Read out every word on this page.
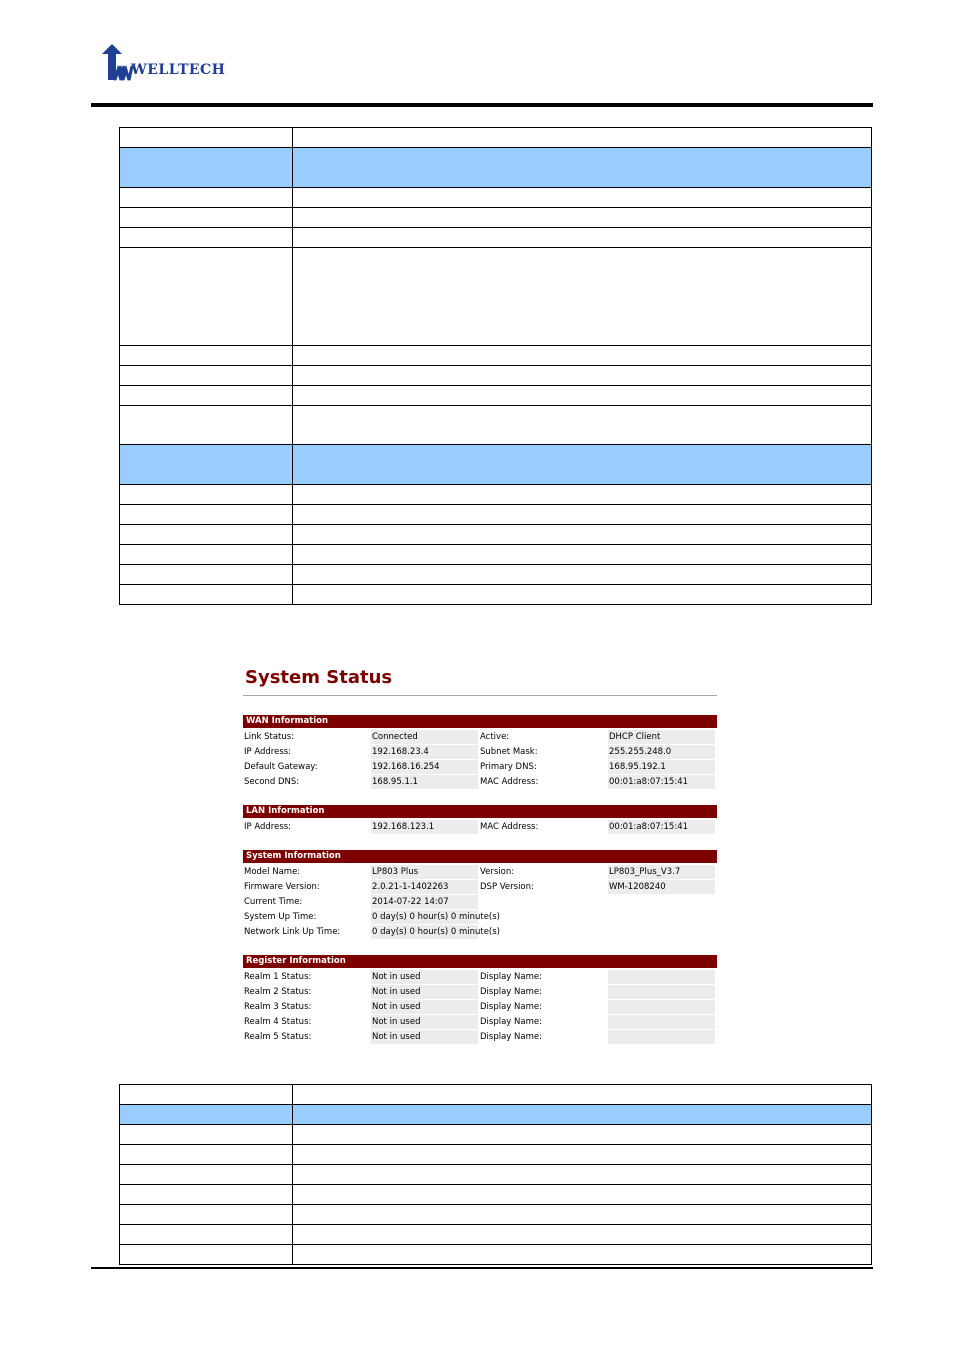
WELLTECH

System Status
WAN Information
Link Status:	Connected	Active:	DHCP Client
IP Address:	192.168.23.4	Subnet Mask:	255.255.248.0
Default Gateway:	192.168.16.254	Primary DNS:	168.95.192.1
Second DNS:	168.95.1.1	MAC Address:	00:01:a8:07:15:41
LAN Information
IP Address:	192.168.123.1	MAC Address:	00:01:a8:07:15:41
System Information
Model Name:	LP803 Plus	Version:	LP803_Plus_V3.7
Firmware Version:	2.0.21-1-1402263	DSP Version:	WM-1208240
Current Time:	2014-07-22 14:07
System Up Time:	0 day(s) 0 hour(s) 0 minute(s)
Network Link Up Time:	0 day(s) 0 hour(s) 0 minute(s)
Register Information
Realm 1 Status:	Not in used	Display Name:
Realm 2 Status:	Not in used	Display Name:
Realm 3 Status:	Not in used	Display Name:
Realm 4 Status:	Not in used	Display Name:
Realm 5 Status:	Not in used	Display Name:
